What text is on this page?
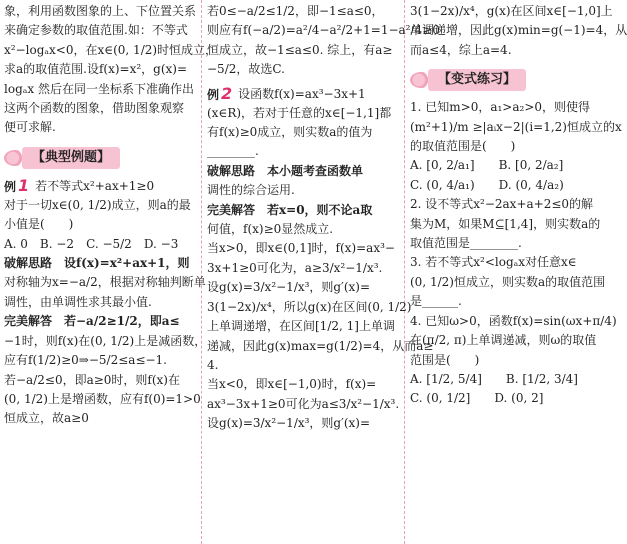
象，利用函数图象的上、下位置关系

来确定参数的取值范围.如：不等式

x²−logₐx<0，在x∈(0, 1/2)时恒成立，

求a的取值范围.设f(x)=x²，g(x)=

logₐx 然后在同一坐标系下准确作出

这两个函数的图象，借助图象观察

便可求解.

【典型例题】
例 1 若不等式x²+ax+1≥0

对于一切x∈(0, 1/2)成立，则a的最

小值是(　　)

A. 0　B. −2　C. −5/2　D. −3

破解思路　设f(x)=x²+ax+1，则

对称轴为x=−a/2，根据对称轴判断单

调性，由单调性求其最小值.

完美解答　若−a/2≥1/2，即a≤

−1时，则f(x)在(0, 1/2)上是减函数，

应有f(1/2)≥0⇒−5/2≤a≤−1.

若−a/2≤0，即a≥0时，则f(x)在

(0, 1/2)上是增函数，应有f(0)=1>0

恒成立，故a≥0

若0≤−a/2≤1/2，即−1≤a≤0，

则应有f(−a/2)=a²/4−a²/2+1=1−a²/4≥0

恒成立，故−1≤a≤0. 综上，有a≥

−5/2，故选C.

例 2 设函数f(x)=ax³−3x+1

(x∈R)，若对于任意的x∈[−1,1]都

有f(x)≥0成立，则实数a的值为

________.

破解思路　本小题考查函数单

调性的综合运用.

完美解答　若x=0，则不论a取

何值，f(x)≥0显然成立.

当x>0，即x∈(0,1]时，f(x)=ax³−

3x+1≥0可化为，a≥3/x²−1/x³.

设g(x)=3/x²−1/x³，则g′(x)=

3(1−2x)/x⁴，所以g(x)在区间(0, 1/2)

上单调递增，在区间[1/2, 1]上单调

递减，因此g(x)max=g(1/2)=4，从而a≥

4.

当x<0，即x∈[−1,0)时，f(x)=

ax³−3x+1≥0可化为a≤3/x²−1/x³.

设g(x)=3/x²−1/x³，则g′(x)=

3(1−2x)/x⁴，g(x)在区间x∈[−1,0]上

单调递增，因此g(x)min=g(−1)=4，从

而a≤4，综上a=4.

【变式练习】

1. 已知m>0，a₁>a₂>0，则使得

(m²+1)/m ≥|aᵢx−2|(i=1,2)恒成立的x

的取值范围是(　　)

A. [0, 2/a₁]　　B. [0, 2/a₂]

C. (0, 4/a₁)　　D. (0, 4/a₂)

2. 设不等式x²−2ax+a+2≤0的解

集为M，如果M⊆[1,4]，则实数a的

取值范围是________.

3. 若不等式x²<logₐx对任意x∈

(0, 1/2)恒成立，则实数a的取值范围

是______.

4. 已知ω>0，函数f(x)=sin(ωx+π/4)

在(π/2, π)上单调递减，则ω的取值

范围是(　　)

A. [1/2, 5/4]　　B. [1/2, 3/4]

C. (0, 1/2]　　D. (0, 2]
